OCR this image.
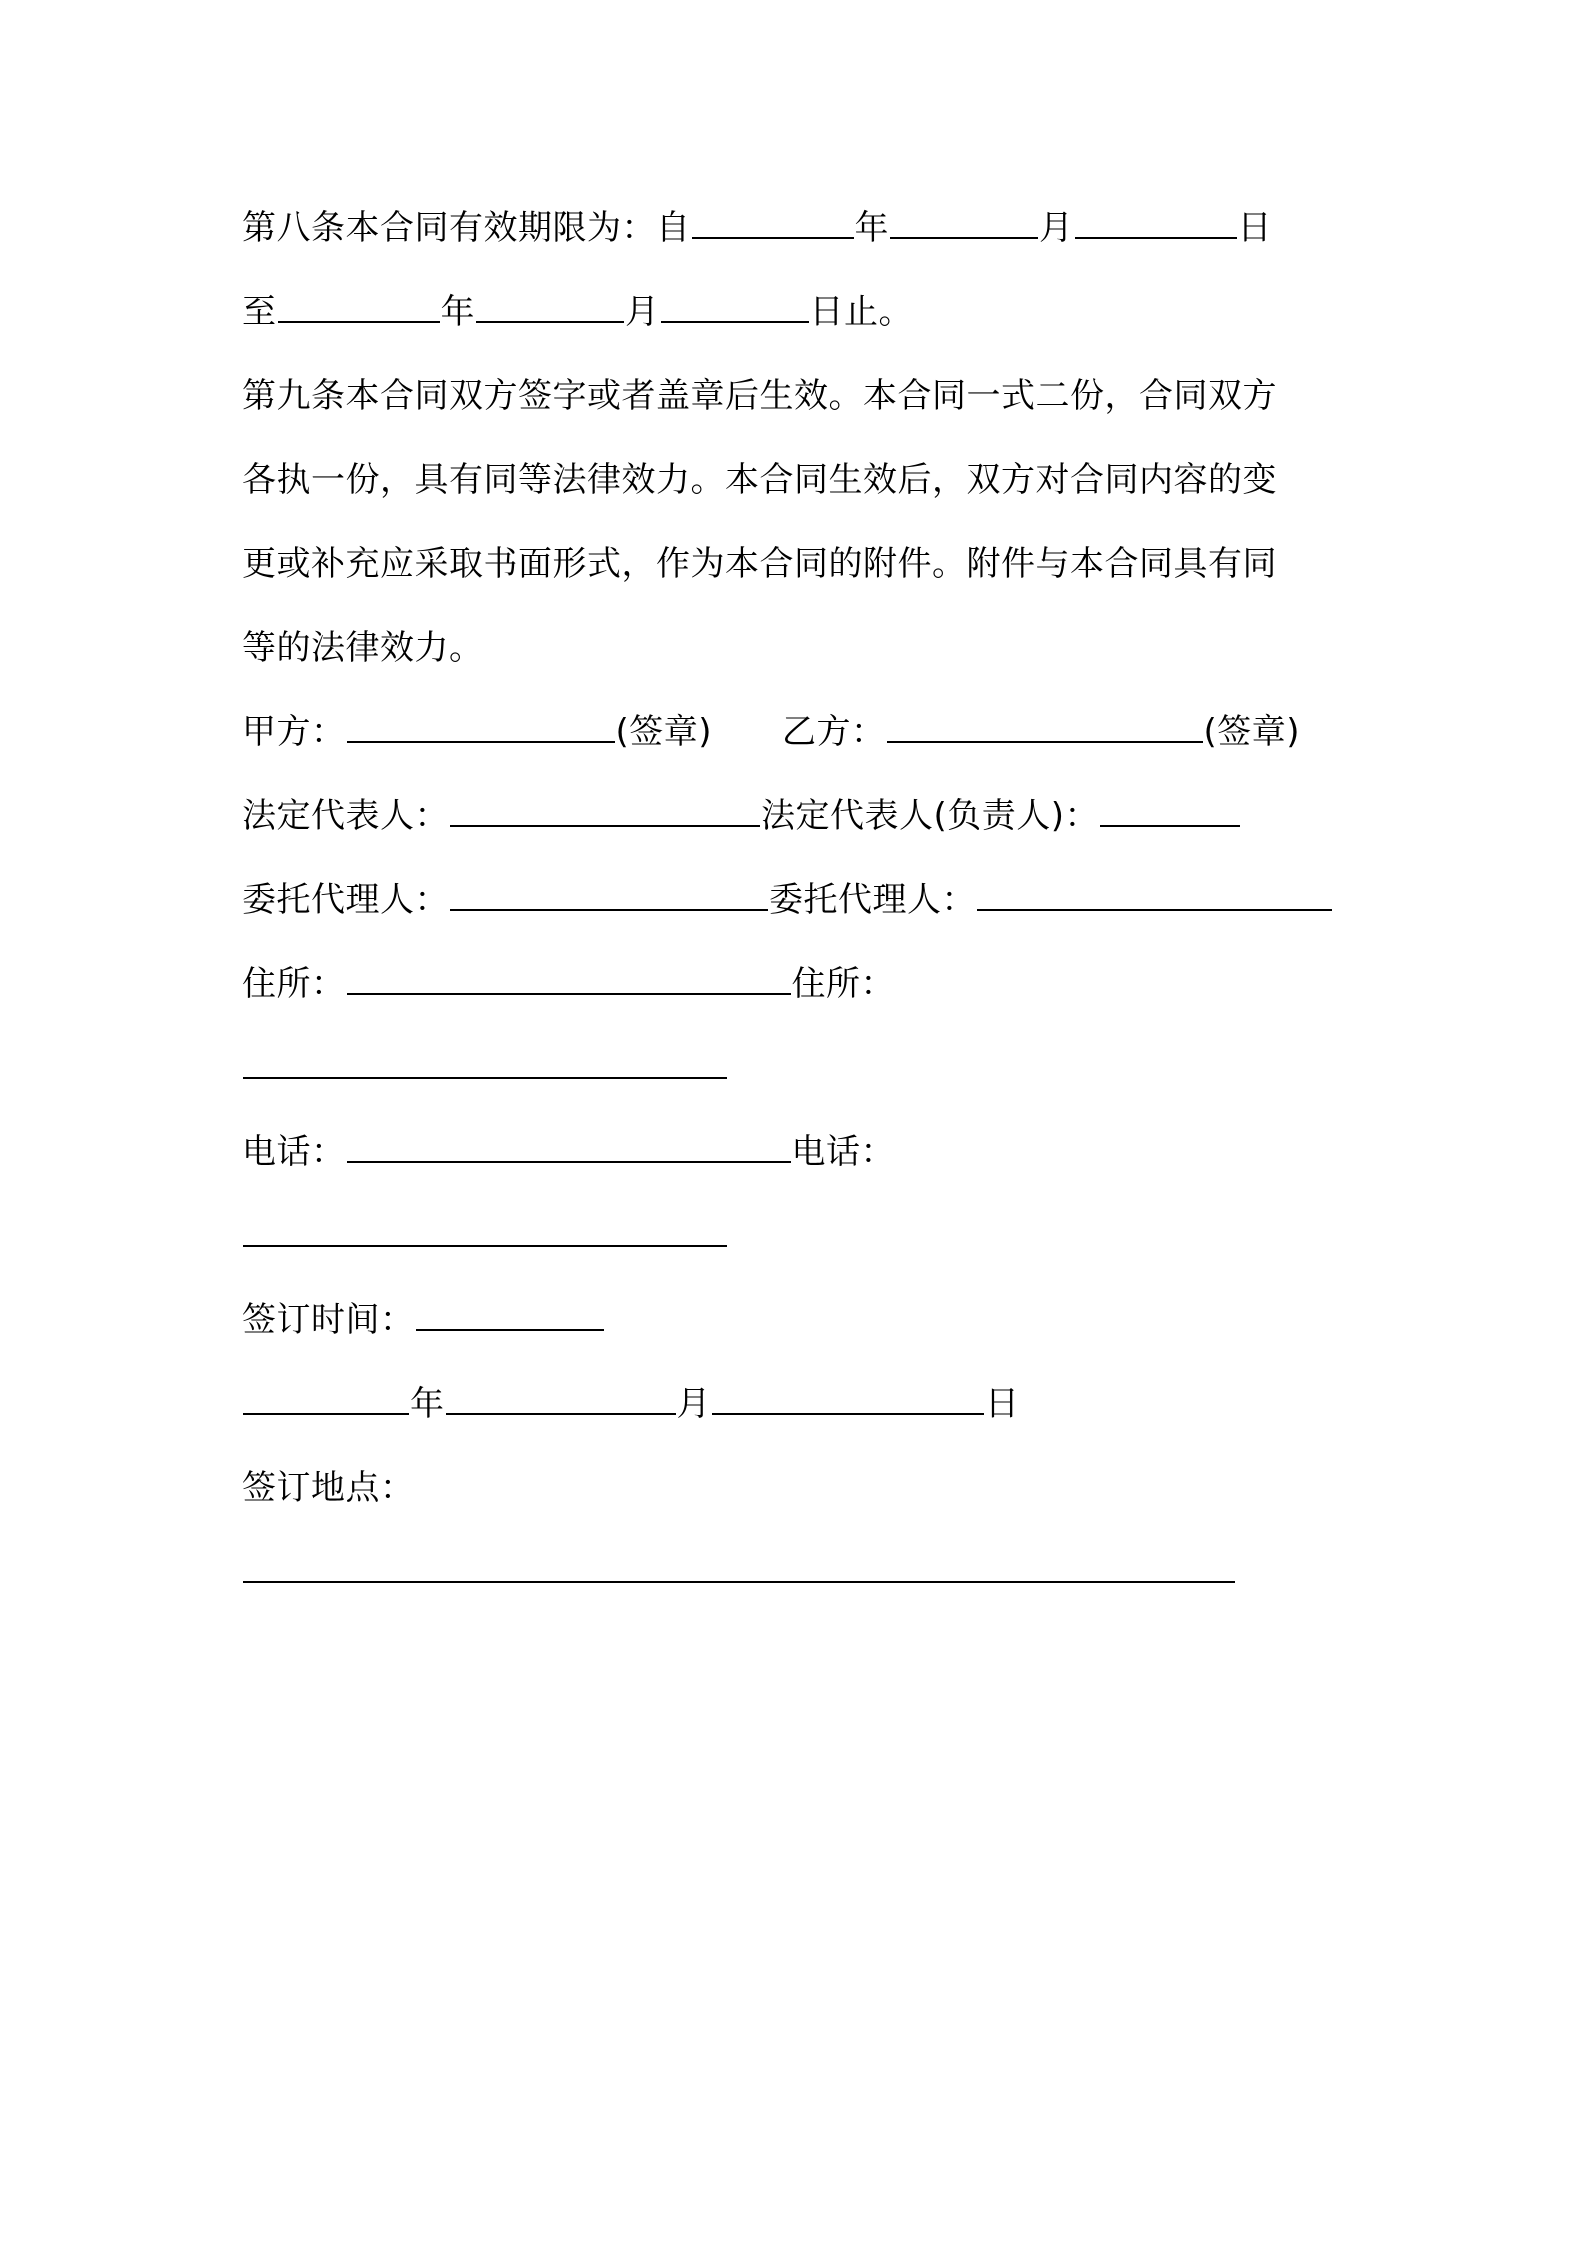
第八条本合同有效期限为：自	年	月	日
至	年	月	日止。
第九条本合同双方签字或者盖章后生效。本合同一式二份，合同双方
各执一份，具有同等法律效力。本合同生效后，双方对合同内容的变
更或补充应采取书面形式，作为本合同的附件。附件与本合同具有同
等的法律效力。
甲方：	(签章) 乙方：	(签章)
法定代表人：	法定代表人(负责人)：
委托代理人：	委托代理人：
住所：	住所：
电话：	电话：
签订时间：
年	月	日
签订地点：
